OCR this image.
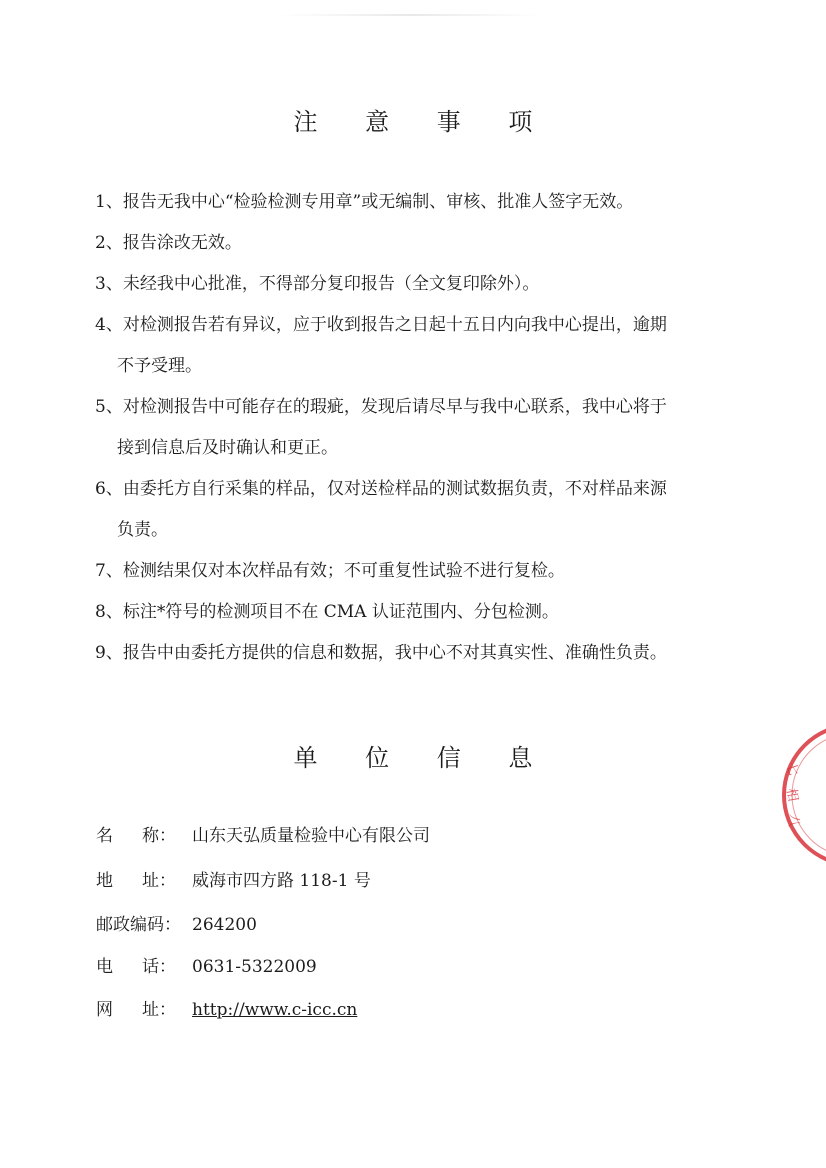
注 意 事 项
1、报告无我中心“检验检测专用章”或无编制、审核、批准人签字无效。
2、报告涂改无效。
3、未经我中心批准，不得部分复印报告（全文复印除外）。
4、对检测报告若有异议，应于收到报告之日起十五日内向我中心提出，逾期
不予受理。
5、对检测报告中可能存在的瑕疵，发现后请尽早与我中心联系，我中心将于
接到信息后及时确认和更正。
6、由委托方自行采集的样品，仅对送检样品的测试数据负责，不对样品来源
负责。
7、检测结果仅对本次样品有效；不可重复性试验不进行复检。
8、标注*符号的检测项目不在 CMA 认证范围内、分包检测。
9、报告中由委托方提供的信息和数据，我中心不对其真实性、准确性负责。
单 位 信 息
名 称： 山东天弘质量检验中心有限公司
地 址： 威海市四方路 118-1 号
邮政编码： 264200
电 话： 0631-5322009
网 址： http://www.c-icc.cn
七
相
八
